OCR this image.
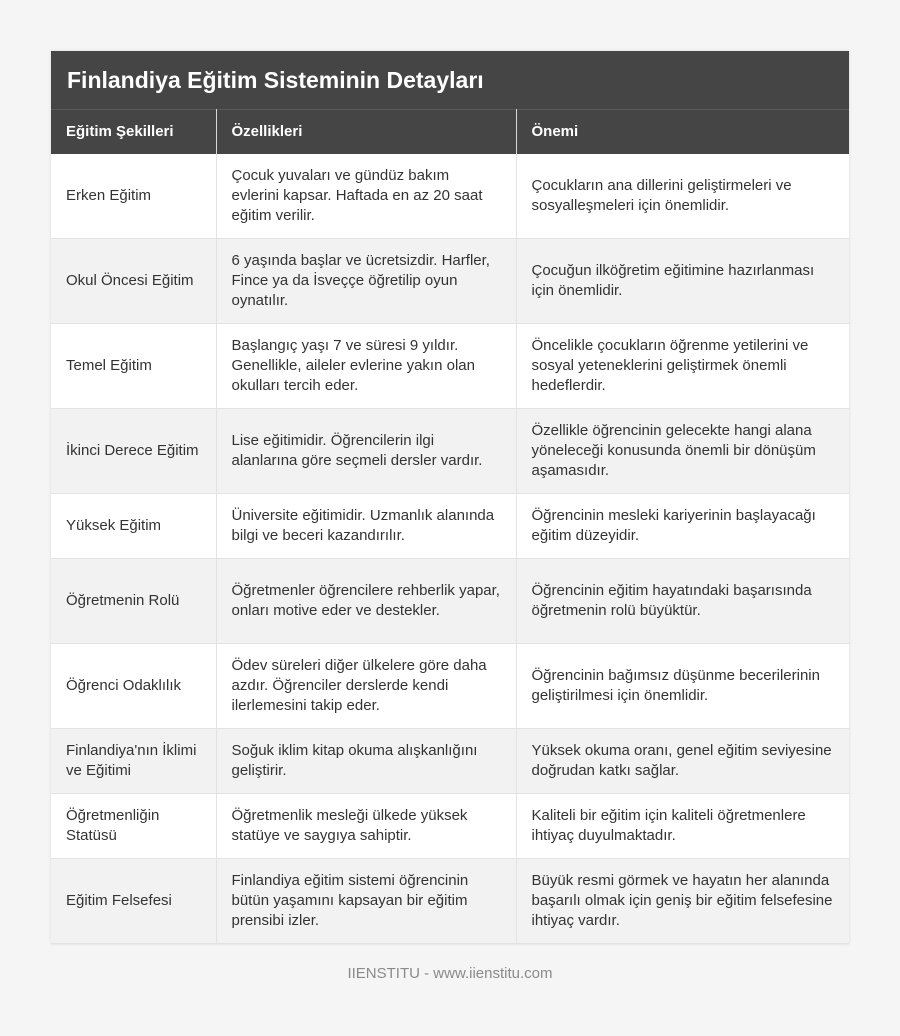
Finlandiya Eğitim Sisteminin Detayları
Eğitim Şekilleri	Özellikleri	Önemi
Erken Eğitim	Çocuk yuvaları ve gündüz bakım evlerini kapsar. Haftada en az 20 saat eğitim verilir.	Çocukların ana dillerini geliştirmeleri ve sosyalleşmeleri için önemlidir.
Okul Öncesi Eğitim	6 yaşında başlar ve ücretsizdir. Harfler, Fince ya da İsveççe öğretilip oyun oynatılır.	Çocuğun ilköğretim eğitimine hazırlanması için önemlidir.
Temel Eğitim	Başlangıç yaşı 7 ve süresi 9 yıldır. Genellikle, aileler evlerine yakın olan okulları tercih eder.	Öncelikle çocukların öğrenme yetilerini ve sosyal yeteneklerini geliştirmek önemli hedeflerdir.
İkinci Derece Eğitim	Lise eğitimidir. Öğrencilerin ilgi alanlarına göre seçmeli dersler vardır.	Özellikle öğrencinin gelecekte hangi alana yöneleceği konusunda önemli bir dönüşüm aşamasıdır.
Yüksek Eğitim	Üniversite eğitimidir. Uzmanlık alanında bilgi ve beceri kazandırılır.	Öğrencinin mesleki kariyerinin başlayacağı eğitim düzeyidir.
Öğretmenin Rolü	Öğretmenler öğrencilere rehberlik yapar, onları motive eder ve destekler.	Öğrencinin eğitim hayatındaki başarısında öğretmenin rolü büyüktür.
Öğrenci Odaklılık	Ödev süreleri diğer ülkelere göre daha azdır. Öğrenciler derslerde kendi ilerlemesini takip eder.	Öğrencinin bağımsız düşünme becerilerinin geliştirilmesi için önemlidir.
Finlandiya'nın İklimi ve Eğitimi	Soğuk iklim kitap okuma alışkanlığını geliştirir.	Yüksek okuma oranı, genel eğitim seviyesine doğrudan katkı sağlar.
Öğretmenliğin Statüsü	Öğretmenlik mesleği ülkede yüksek statüye ve saygıya sahiptir.	Kaliteli bir eğitim için kaliteli öğretmenlere ihtiyaç duyulmaktadır.
Eğitim Felsefesi	Finlandiya eğitim sistemi öğrencinin bütün yaşamını kapsayan bir eğitim prensibi izler.	Büyük resmi görmek ve hayatın her alanında başarılı olmak için geniş bir eğitim felsefesine ihtiyaç vardır.
IIENSTITU - www.iienstitu.com
